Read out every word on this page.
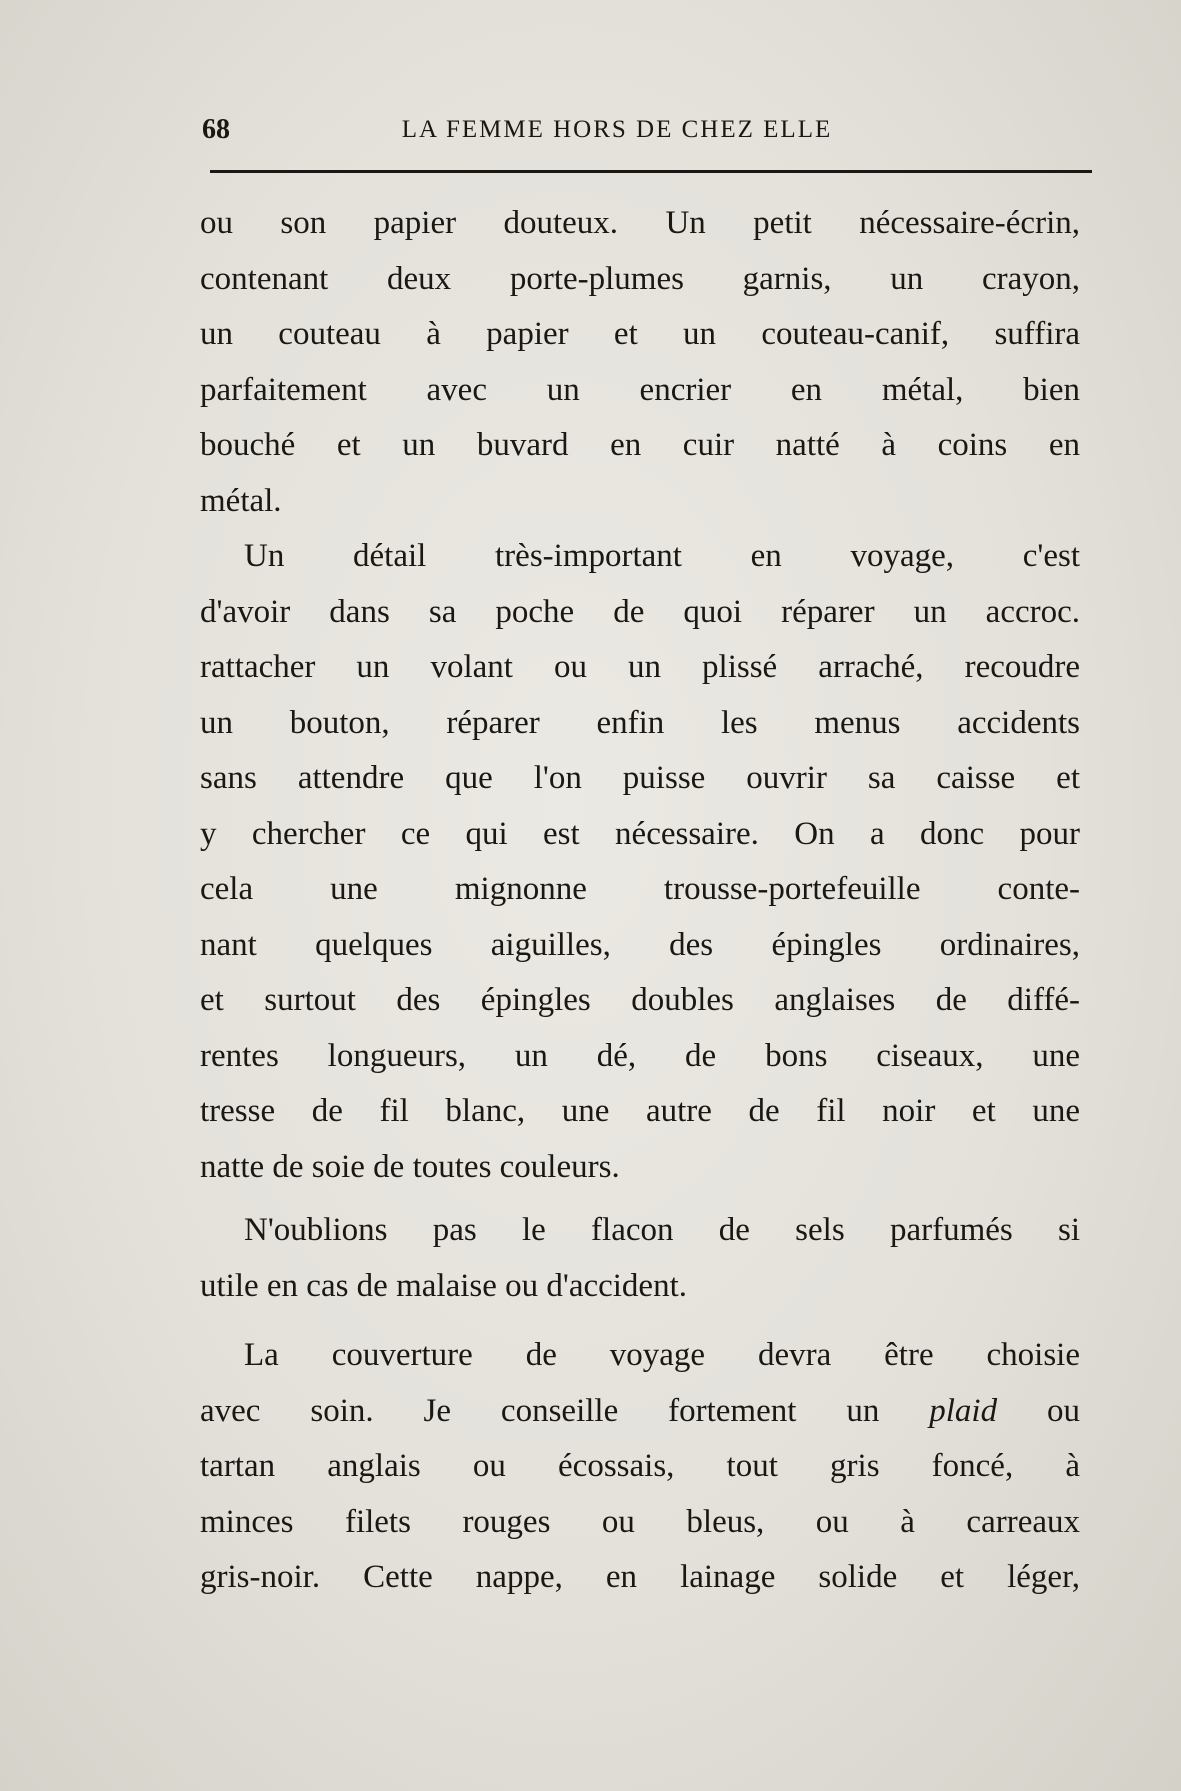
68	LA FEMME HORS DE CHEZ ELLE
ou son papier douteux. Un petit nécessaire-écrin,
contenant deux porte-plumes garnis, un crayon,
un couteau à papier et un couteau-canif, suffira
parfaitement avec un encrier en métal, bien
bouché et un buvard en cuir natté à coins en
métal.
Un détail très-important en voyage, c'est
d'avoir dans sa poche de quoi réparer un accroc.
rattacher un volant ou un plissé arraché, recoudre
un bouton, réparer enfin les menus accidents
sans attendre que l'on puisse ouvrir sa caisse et
y chercher ce qui est nécessaire. On a donc pour
cela une mignonne trousse-portefeuille conte-
nant quelques aiguilles, des épingles ordinaires,
et surtout des épingles doubles anglaises de diffé-
rentes longueurs, un dé, de bons ciseaux, une
tresse de fil blanc, une autre de fil noir et une
natte de soie de toutes couleurs.
N'oublions pas le flacon de sels parfumés si
utile en cas de malaise ou d'accident.
La couverture de voyage devra être choisie
avec soin. Je conseille fortement un plaid ou
tartan anglais ou écossais, tout gris foncé, à
minces filets rouges ou bleus, ou à carreaux
gris-noir. Cette nappe, en lainage solide et léger,
